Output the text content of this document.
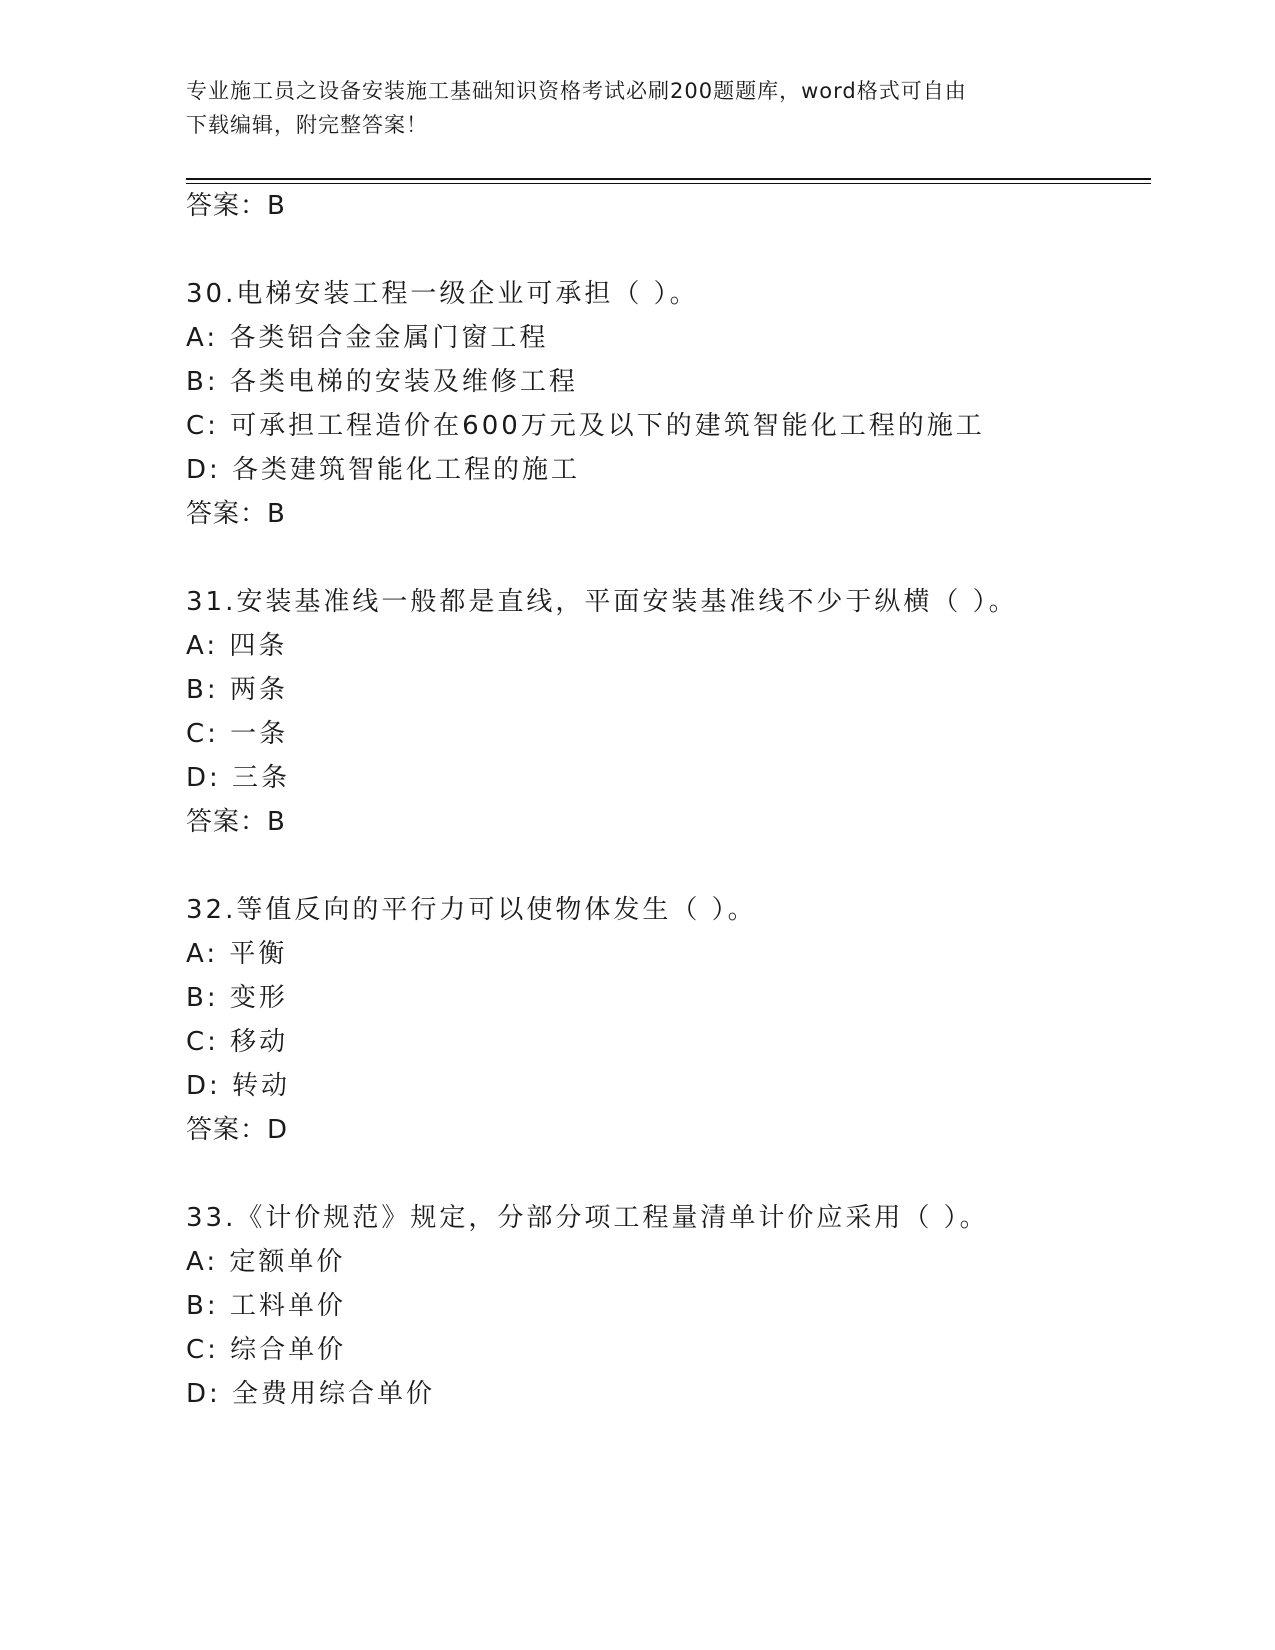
专业施工员之设备安装施工基础知识资格考试必刷200题题库，word格式可自由
下载编辑，附完整答案！
答案：B
30.电梯安装工程一级企业可承担（ ）。
A: 各类铝合金金属门窗工程
B: 各类电梯的安装及维修工程
C: 可承担工程造价在600万元及以下的建筑智能化工程的施工
D: 各类建筑智能化工程的施工
答案：B
31.安装基准线一般都是直线，平面安装基准线不少于纵横（ ）。
A: 四条
B: 两条
C: 一条
D: 三条
答案：B
32.等值反向的平行力可以使物体发生（ ）。
A: 平衡
B: 变形
C: 移动
D: 转动
答案：D
33.《计价规范》规定，分部分项工程量清单计价应采用（ ）。
A: 定额单价
B: 工料单价
C: 综合单价
D: 全费用综合单价
